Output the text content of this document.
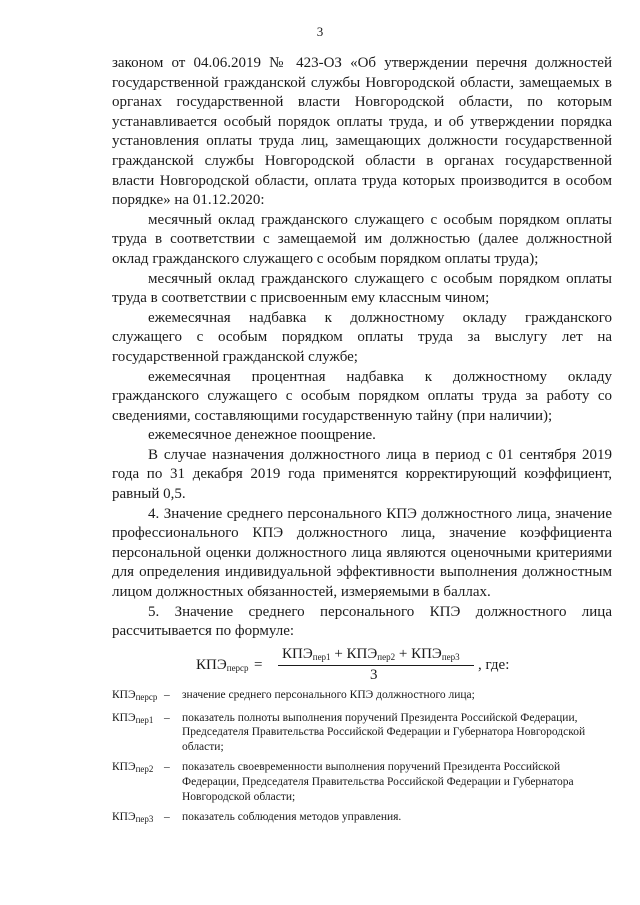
3

законом от 04.06.2019 № 423-ОЗ «Об утверждении перечня должностей государственной гражданской службы Новгородской области, замещаемых в органах государственной власти Новгородской области, по которым устанавливается особый порядок оплаты труда, и об утверждении порядка установления оплаты труда лиц, замещающих должности государственной гражданской службы Новгородской области в органах государственной власти Новгородской области, оплата труда которых производится в особом порядке» на 01.12.2020:

месячный оклад гражданского служащего с особым порядком оплаты труда в соответствии с замещаемой им должностью (далее должностной оклад гражданского служащего с особым порядком оплаты труда);

месячный оклад гражданского служащего с особым порядком оплаты труда в соответствии с присвоенным ему классным чином;

ежемесячная надбавка к должностному окладу гражданского служащего с особым порядком оплаты труда за выслугу лет на государственной гражданской службе;

ежемесячная процентная надбавка к должностному окладу гражданского служащего с особым порядком оплаты труда за работу со сведениями, составляющими государственную тайну (при наличии);

ежемесячное денежное поощрение.

В случае назначения должностного лица в период с 01 сентября 2019 года по 31 декабря 2019 года применятся корректирующий коэффициент, равный 0,5.

4. Значение среднего персонального КПЭ должностного лица, значение профессионального КПЭ должностного лица, значение коэффициента персональной оценки должностного лица являются оценочными критериями для определения индивидуальной эффективности выполнения должностным лицом должностных обязанностей, измеряемыми в баллах.

5. Значение среднего персонального КПЭ должностного лица рассчитывается по формуле:

$КПЭ_{перср}$ =
$КПЭ_{пер1} + КПЭ_{пер2} + КПЭ_{пер3}$
3
, где:
$КПЭ_{перср}$ –	значение среднего персонального КПЭ должностного лица;
$КПЭ_{пер1}$ –	показатель полноты выполнения поручений Президента Российской Федерации, Председателя Правительства Российской Федерации и Губернатора Новгородской области;
$КПЭ_{пер2}$ –	показатель своевременности выполнения поручений Президента Российской Федерации, Председателя Правительства Российской Федерации и Губернатора Новгородской области;
$КПЭ_{пер3}$ –	показатель соблюдения методов управления.
